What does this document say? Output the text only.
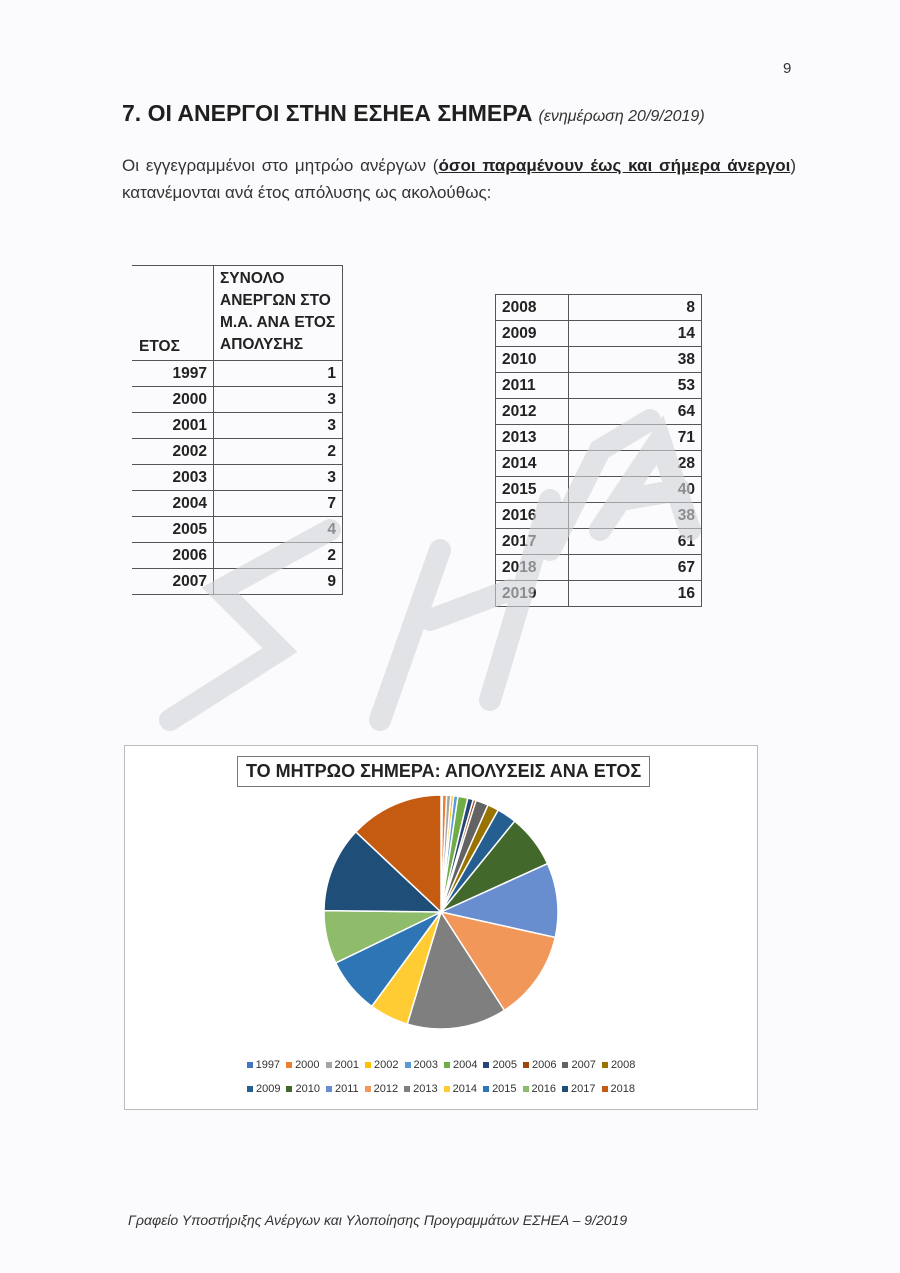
9
7. ΟΙ ΑΝΕΡΓΟΙ ΣΤΗΝ ΕΣΗΕΑ ΣΗΜΕΡΑ (ενημέρωση 20/9/2019)
Οι εγγεγραμμένοι στο μητρώο ανέργων (όσοι παραμένουν έως και σήμερα άνεργοι) κατανέμονται ανά έτος απόλυσης ως ακολούθως:
ΕΤΟΣ	ΣΥΝΟΛΟ ΑΝΕΡΓΩΝ ΣΤΟ Μ.Α. ΑΝΑ ΕΤΟΣ ΑΠΟΛΥΣΗΣ
1997	1
2000	3
2001	3
2002	2
2003	3
2004	7
2005	4
2006	2
2007	9
2008	8
2009	14
2010	38
2011	53
2012	64
2013	71
2014	28
2015	40
2016	38
2017	61
2018	67
2019	16
ΤΟ ΜΗΤΡΩΟ ΣΗΜΕΡΑ: ΑΠΟΛΥΣΕΙΣ ΑΝΑ ΕΤΟΣ
1997 2000 2001 2002 2003 2004 2005 2006 2007 2008
2009 2010 2011 2012 2013 2014 2015 2016 2017 2018
Γραφείο Υποστήριξης Ανέργων και Υλοποίησης Προγραμμάτων ΕΣΗΕΑ – 9/2019
